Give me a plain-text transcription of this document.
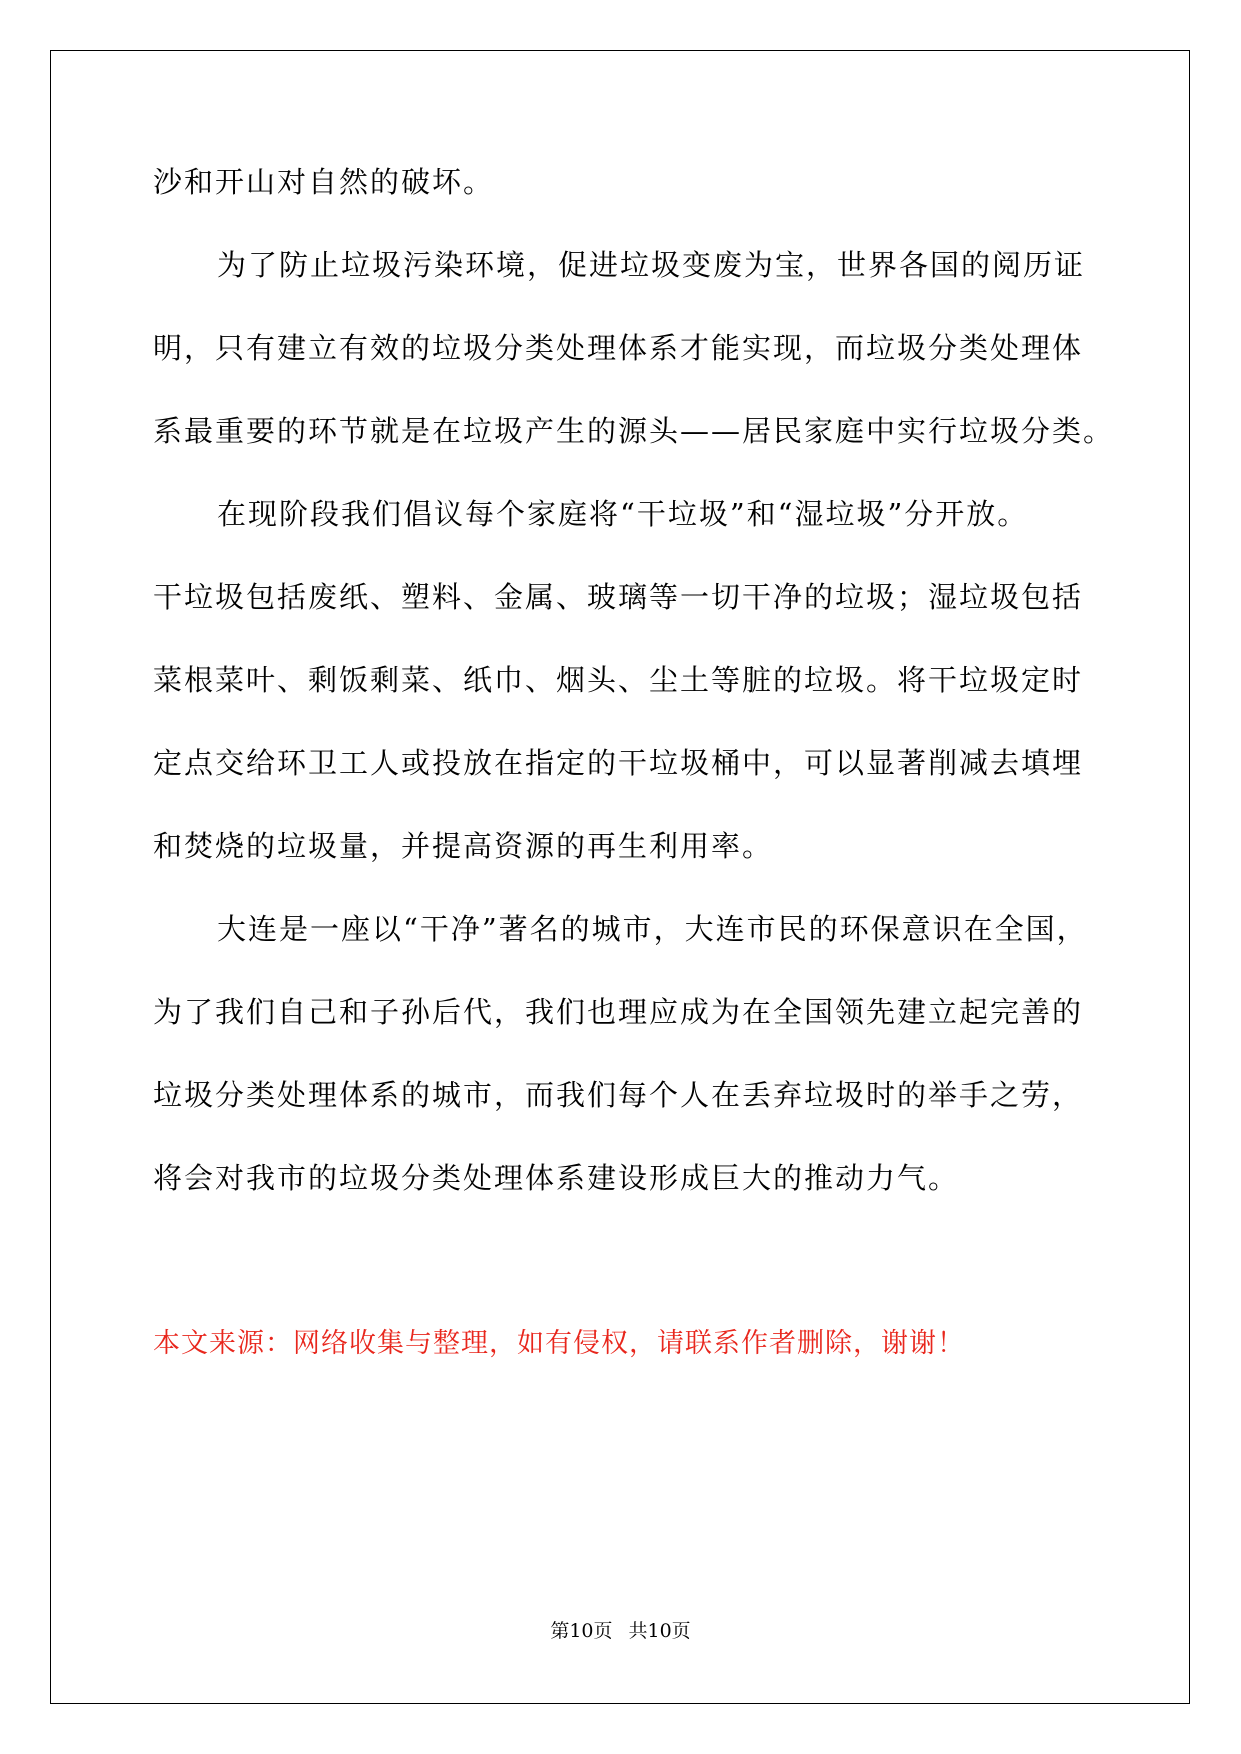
沙和开山对自然的破坏。
为了防止垃圾污染环境，促进垃圾变废为宝，世界各国的阅历证
明，只有建立有效的垃圾分类处理体系才能实现，而垃圾分类处理体
系最重要的环节就是在垃圾产生的源头——居民家庭中实行垃圾分类。
在现阶段我们倡议每个家庭将“干垃圾”和“湿垃圾”分开放。
干垃圾包括废纸、塑料、金属、玻璃等一切干净的垃圾；湿垃圾包括
菜根菜叶、剩饭剩菜、纸巾、烟头、尘土等脏的垃圾。将干垃圾定时
定点交给环卫工人或投放在指定的干垃圾桶中，可以显著削减去填埋
和焚烧的垃圾量，并提高资源的再生利用率。
大连是一座以“干净”著名的城市，大连市民的环保意识在全国，
为了我们自己和子孙后代，我们也理应成为在全国领先建立起完善的
垃圾分类处理体系的城市，而我们每个人在丢弃垃圾时的举手之劳，
将会对我市的垃圾分类处理体系建设形成巨大的推动力气。
本文来源：网络收集与整理，如有侵权，请联系作者删除，谢谢！
第10页 共10页
